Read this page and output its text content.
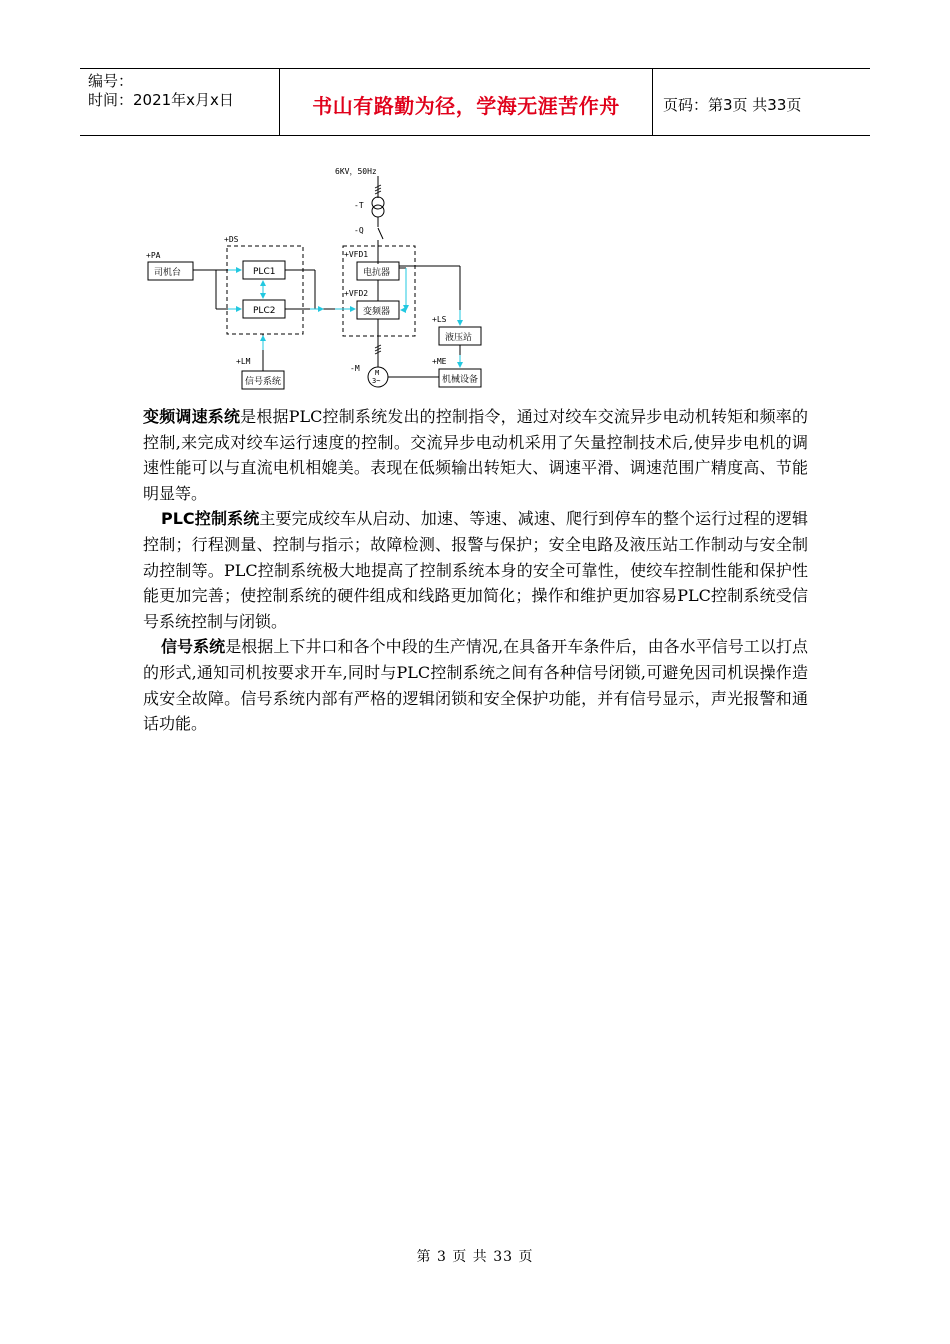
编号：
时间：2021年x月x日	书山有路勤为径，学海无涯苦作舟	页码：第3页 共33页
6KV，50Hz
-T
-Q
+PA
司机台
+DS
PLC1
PLC2
+VFD1
电抗器
+VFD2
变频器
+LS
液压站
-M M
3~
+ME
机械设备
+LM
信号系统

变频调速系统是根据PLC控制系统发出的控制指令，通过对绞车交流异步电动机转矩和频率的控制,来完成对绞车运行速度的控制。交流异步电动机采用了矢量控制技术后,使异步电机的调速性能可以与直流电机相媲美。表现在低频输出转矩大、调速平滑、调速范围广精度高、节能明显等。

PLC控制系统主要完成绞车从启动、加速、等速、减速、爬行到停车的整个运行过程的逻辑控制；行程测量、控制与指示；故障检测、报警与保护；安全电路及液压站工作制动与安全制动控制等。PLC控制系统极大地提高了控制系统本身的安全可靠性，使绞车控制性能和保护性能更加完善；使控制系统的硬件组成和线路更加简化；操作和维护更加容易PLC控制系统受信号系统控制与闭锁。

信号系统是根据上下井口和各个中段的生产情况,在具备开车条件后，由各水平信号工以打点的形式,通知司机按要求开车,同时与PLC控制系统之间有各种信号闭锁,可避免因司机误操作造成安全故障。信号系统内部有严格的逻辑闭锁和安全保护功能，并有信号显示，声光报警和通话功能。

第 3 页 共 33 页
